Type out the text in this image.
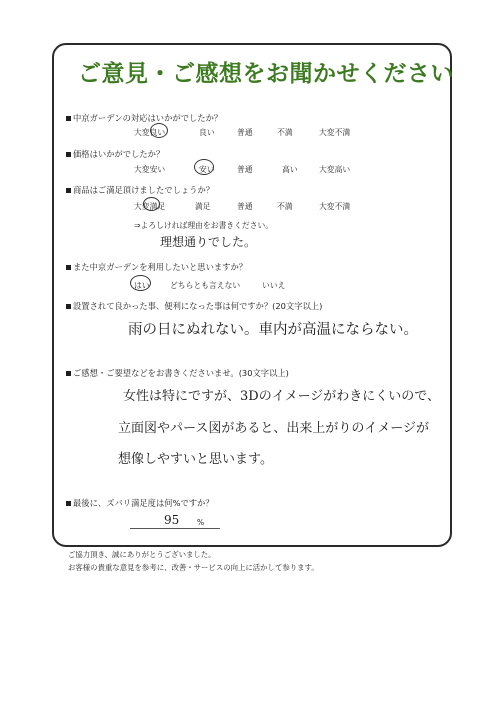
ご意見・ご感想をお聞かせください
中京ガーデンの対応はいかがでしたか？
大変良い	良い	普通	不満	大変不満
価格はいかがでしたか？
大変安い	安い	普通	高い	大変高い
商品はご満足頂けましたでしょうか？
大変満足	満足	普通	不満	大変不満
⇒よろしければ理由をお書きください。
理想通りでした。
また中京ガーデンを利用したいと思いますか？
はい	どちらとも言えない	いいえ
設置されて良かった事、便利になった事は何ですか？(20文字以上)
雨の日にぬれない。車内が高温にならない。
ご感想・ご要望などをお書きくださいませ。(30文字以上)
女性は特にですが、3Dのイメージがわきにくいので、
立面図やパース図があると、出来上がりのイメージが
想像しやすいと思います。
最後に、ズバリ満足度は何%ですか？
95 %
ご協力頂き、誠にありがとうございました。
お客様の貴重な意見を参考に、改善・サービスの向上に活かして参ります。
